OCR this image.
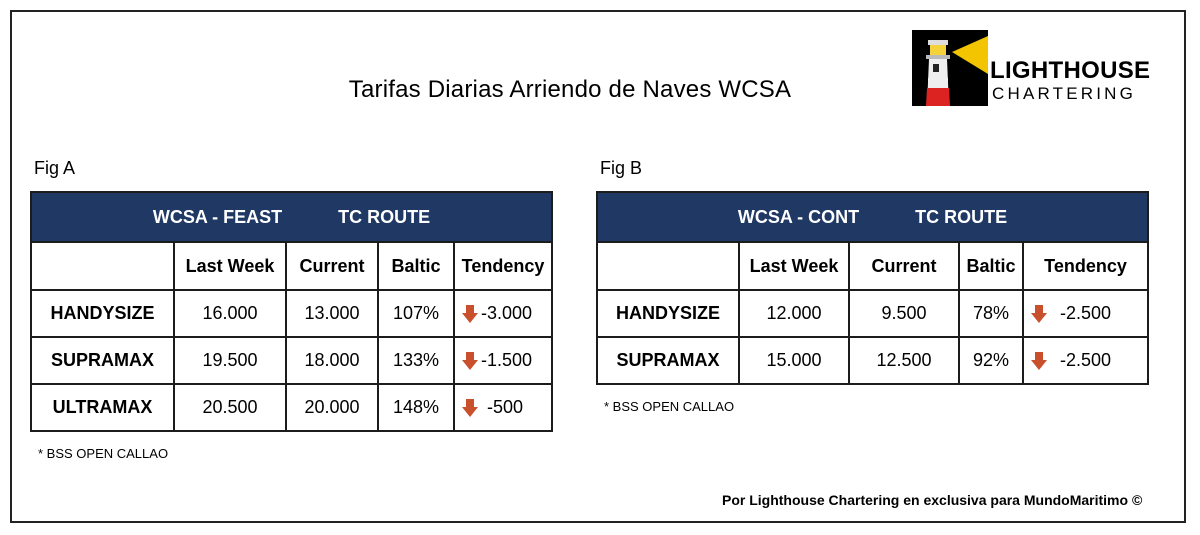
Tarifas Diarias Arriendo de Naves WCSA
LIGHTHOUSE
CHARTERING
Fig A
WCSA - FEAST TC ROUTE				

	Last Week	Current	Baltic	Tendency
HANDYSIZE	16.000	13.000	107%	-3.000

SUPRAMAX	19.500	18.000	133%	-1.500

ULTRAMAX	20.500	20.000	148%	-500
* BSS OPEN CALLAO
Fig B
WCSA - CONT TC ROUTE				

	Last Week	Current	Baltic	Tendency
HANDYSIZE	12.000	9.500	78%	-2.500

SUPRAMAX	15.000	12.500	92%	-2.500
* BSS OPEN CALLAO
Por Lighthouse Chartering en exclusiva para MundoMaritimo ©
